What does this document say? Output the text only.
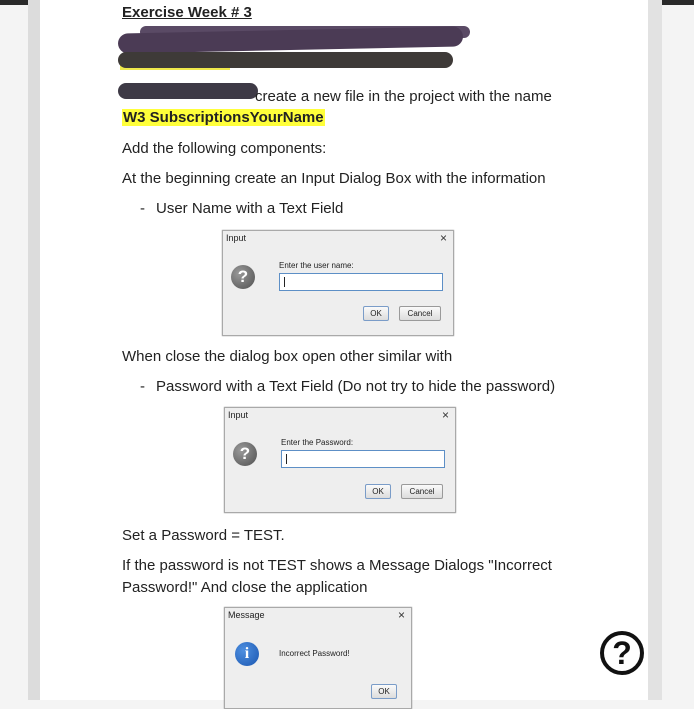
Exercise Week # 3
create a new file in the project with the name
W3 SubscriptionsYourName
Add the following components:
At the beginning create an Input Dialog Box with the information
- User Name with a Text Field
Input	×
?
Enter the user name:
OK	Cancel
When close the dialog box open other similar with
- Password with a Text Field (Do not try to hide the password)
Input	×
?
Enter the Password:
OK	Cancel
Set a Password = TEST.
If the password is not TEST shows a Message Dialogs "Incorrect
Password!" And close the application
Message	×
i	Incorrect Password!
OK
?
